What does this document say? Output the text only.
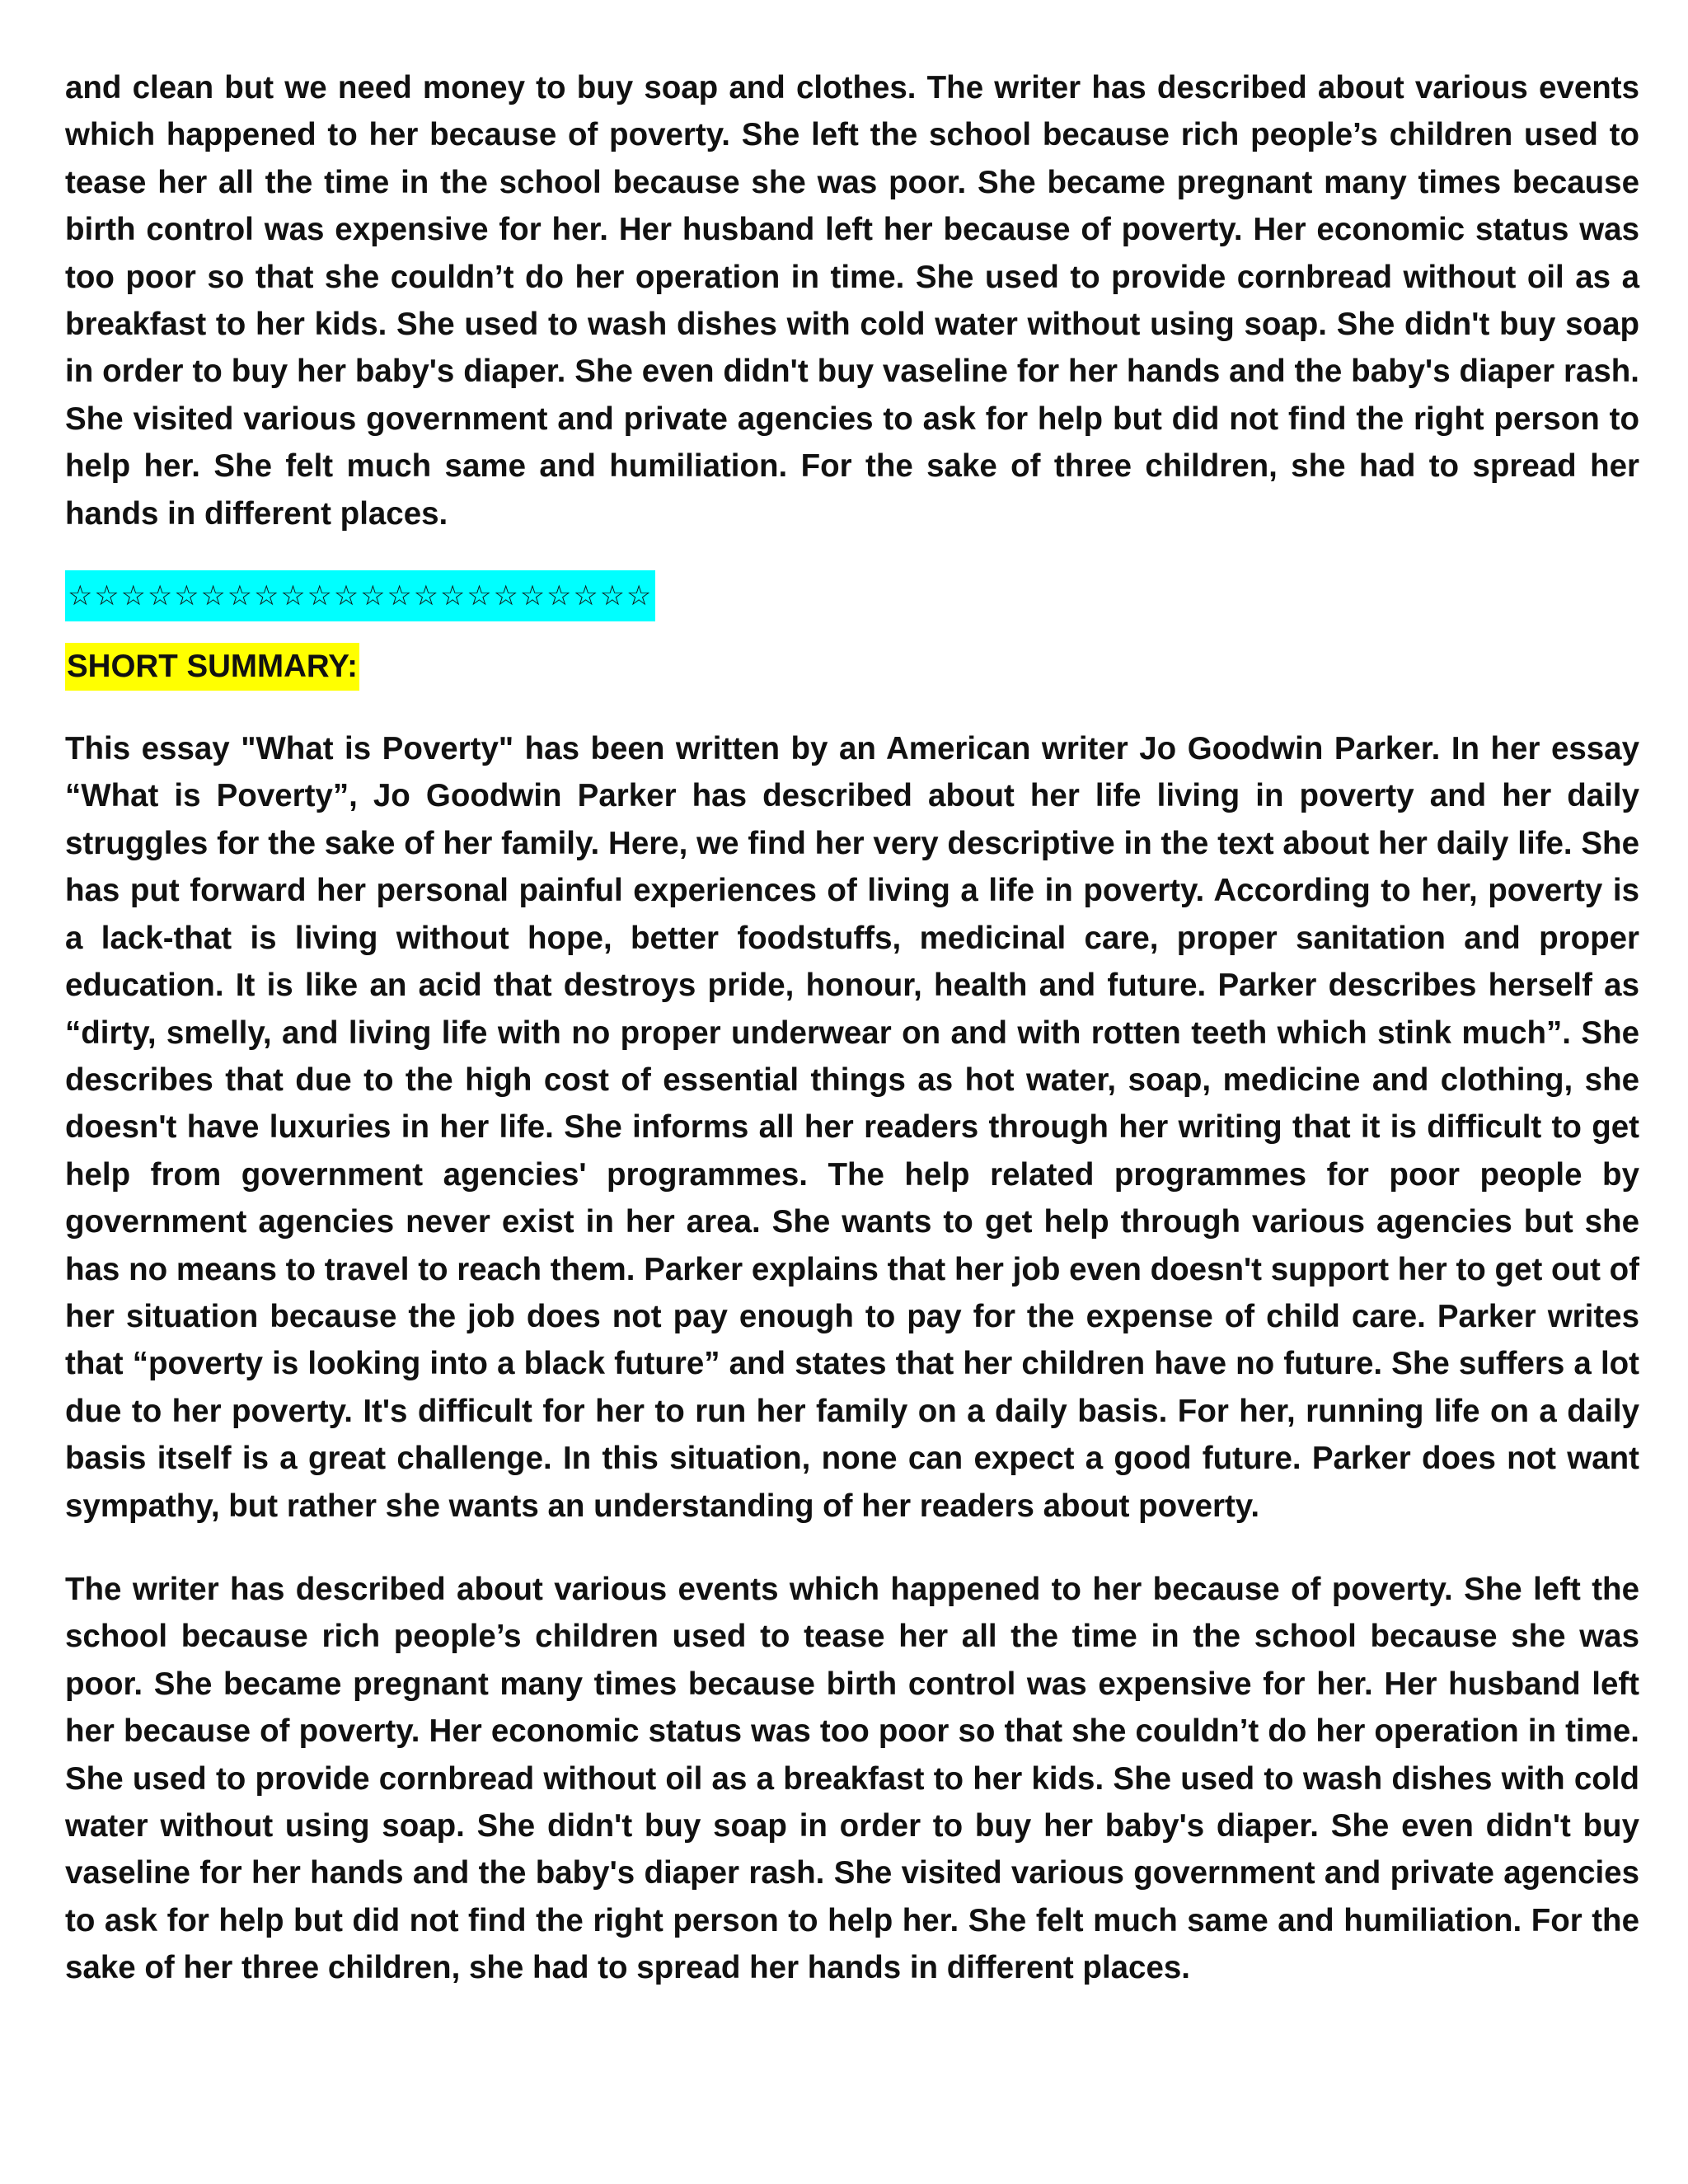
and clean but we need money to buy soap and clothes. The writer has described about various events which happened to her because of poverty. She left the school because rich people’s children used to tease her all the time in the school because she was poor. She became pregnant many times because birth control was expensive for her. Her husband left her because of poverty. Her economic status was too poor so that she couldn’t do her operation in time. She used to provide cornbread without oil as a breakfast to her kids. She used to wash dishes with cold water without using soap. She didn't buy soap in order to buy her baby's diaper. She even didn't buy vaseline for her hands and the baby's diaper rash. She visited various government and private agencies to ask for help but did not find the right person to help her. She felt much same and humiliation. For the sake of three children, she had to spread her hands in different places.

☆☆☆☆☆☆☆☆☆☆☆☆☆☆☆☆☆☆☆☆☆☆
SHORT SUMMARY:

This essay "What is Poverty" has been written by an American writer Jo Goodwin Parker. In her essay “What is Poverty”, Jo Goodwin Parker has described about her life living in poverty and her daily struggles for the sake of her family. Here, we find her very descriptive in the text about her daily life. She has put forward her personal painful experiences of living a life in poverty. According to her, poverty is a lack-that is living without hope, better foodstuffs, medicinal care, proper sanitation and proper education. It is like an acid that destroys pride, honour, health and future. Parker describes herself as “dirty, smelly, and living life with no proper underwear on and with rotten teeth which stink much”. She describes that due to the high cost of essential things as hot water, soap, medicine and clothing, she doesn't have luxuries in her life. She informs all her readers through her writing that it is difficult to get help from government agencies' programmes. The help related programmes for poor people by government agencies never exist in her area. She wants to get help through various agencies but she has no means to travel to reach them. Parker explains that her job even doesn't support her to get out of her situation because the job does not pay enough to pay for the expense of child care. Parker writes that “poverty is looking into a black future” and states that her children have no future. She suffers a lot due to her poverty. It's difficult for her to run her family on a daily basis. For her, running life on a daily basis itself is a great challenge. In this situation, none can expect a good future. Parker does not want sympathy, but rather she wants an understanding of her readers about poverty.

The writer has described about various events which happened to her because of poverty. She left the school because rich people’s children used to tease her all the time in the school because she was poor. She became pregnant many times because birth control was expensive for her. Her husband left her because of poverty. Her economic status was too poor so that she couldn’t do her operation in time. She used to provide cornbread without oil as a breakfast to her kids. She used to wash dishes with cold water without using soap. She didn't buy soap in order to buy her baby's diaper. She even didn't buy vaseline for her hands and the baby's diaper rash. She visited various government and private agencies to ask for help but did not find the right person to help her. She felt much same and humiliation. For the sake of her three children, she had to spread her hands in different places.
